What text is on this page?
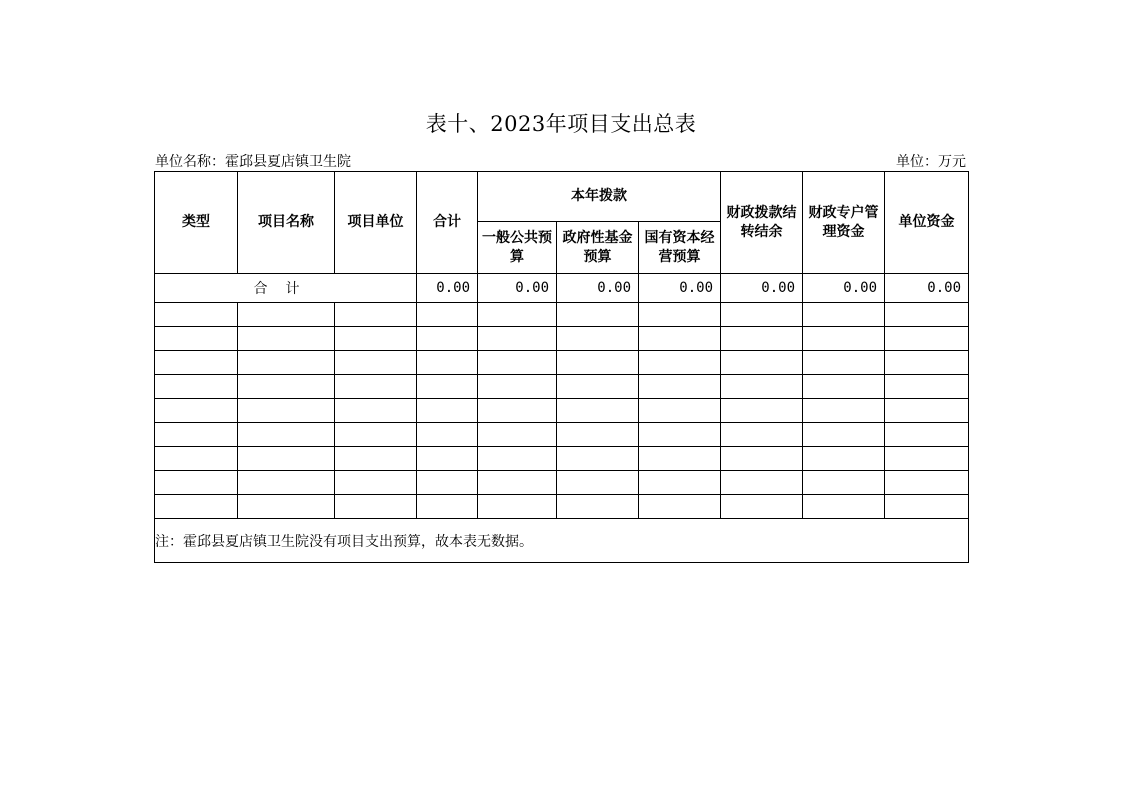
表十、2023年项目支出总表
单位名称：霍邱县夏店镇卫生院	单位：万元
类型	项目名称	项目单位	合计	本年拨款			财政拨款结转结余	财政专户管理资金	单位资金
				一般公共预算	政府性基金预算	国有资本经营预算			
合计			0.00	0.00	0.00	0.00	0.00	0.00	0.00

注：霍邱县夏店镇卫生院没有项目支出预算，故本表无数据。									
